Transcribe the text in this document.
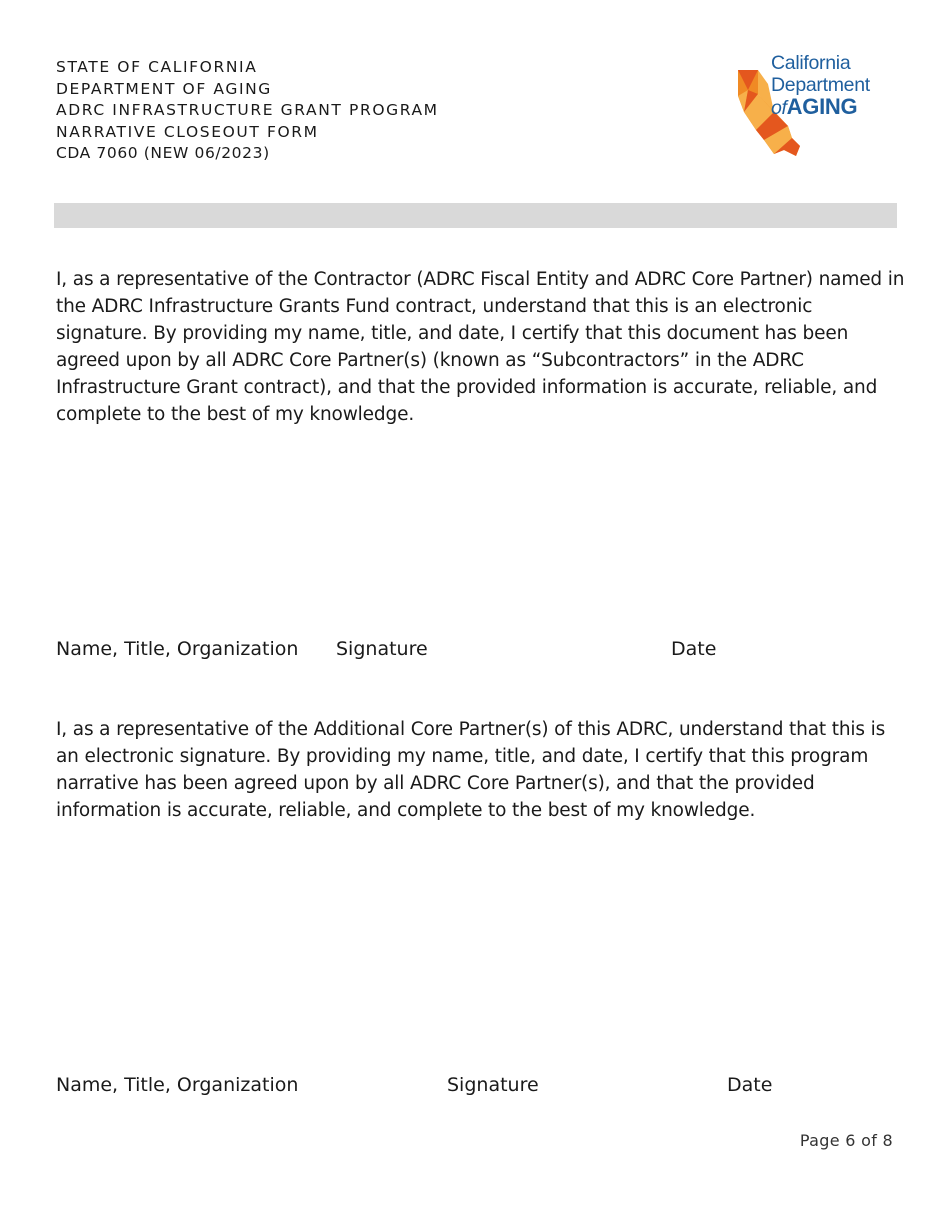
STATE OF CALIFORNIA
DEPARTMENT OF AGING
ADRC INFRASTRUCTURE GRANT PROGRAM
NARRATIVE CLOSEOUT FORM
CDA 7060 (NEW 06/2023)
California
Department
ofAGING
I, as a representative of the Contractor (ADRC Fiscal Entity and ADRC Core Partner) named in the ADRC Infrastructure Grants Fund contract, understand that this is an electronic signature. By providing my name, title, and date, I certify that this document has been agreed upon by all ADRC Core Partner(s) (known as “Subcontractors” in the ADRC Infrastructure Grant contract), and that the provided information is accurate, reliable, and complete to the best of my knowledge.
Name, Title, Organization Signature	Date
I, as a representative of the Additional Core Partner(s) of this ADRC, understand that this is an electronic signature. By providing my name, title, and date, I certify that this program narrative has been agreed upon by all ADRC Core Partner(s), and that the provided information is accurate, reliable, and complete to the best of my knowledge.
Name, Title, Organization	Signature	Date
Page 6 of 8
